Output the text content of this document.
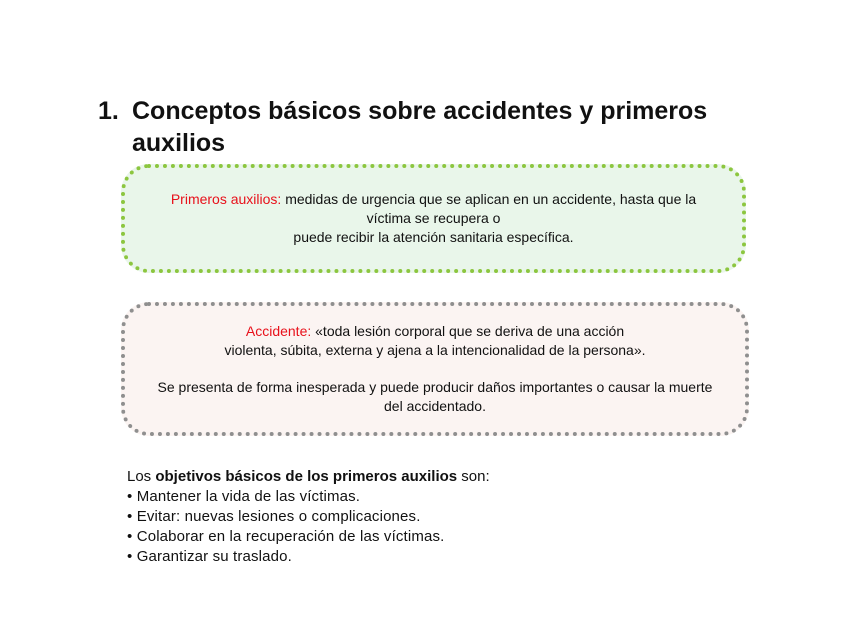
1. Conceptos básicos sobre accidentes y primeros auxilios
Primeros auxilios: medidas de urgencia que se aplican en un accidente, hasta que la víctima se recupera o
puede recibir la atención sanitaria específica.
Accidente: «toda lesión corporal que se deriva de una acción
violenta, súbita, externa y ajena a la intencionalidad de la persona».
Se presenta de forma inesperada y puede producir daños importantes o causar la muerte del accidentado.
Los objetivos básicos de los primeros auxilios son:
• Mantener la vida de las víctimas.
• Evitar: nuevas lesiones o complicaciones.
• Colaborar en la recuperación de las víctimas.
• Garantizar su traslado.
